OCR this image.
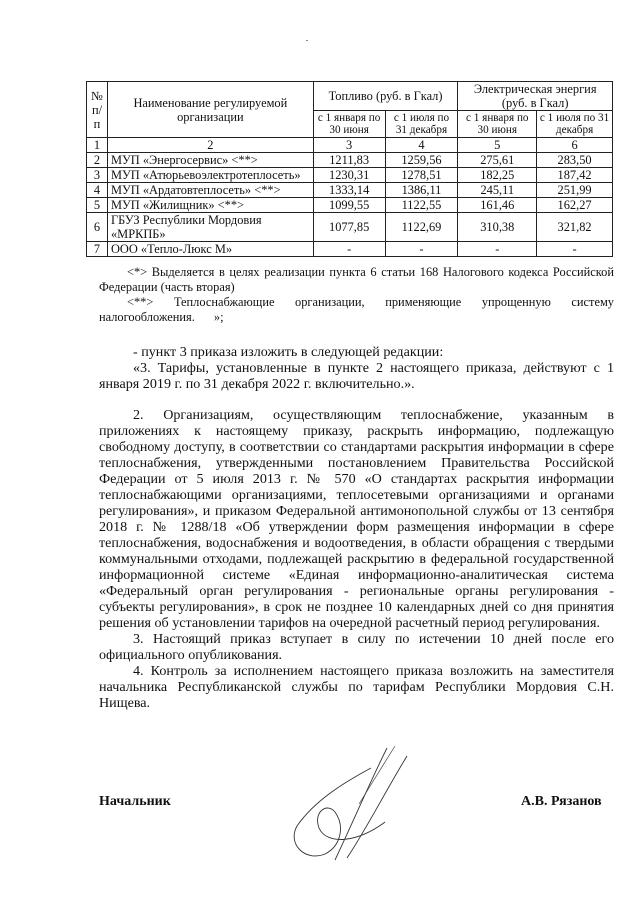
№ п/п	Наименование регулируемой организации	Топливо (руб. в Гкал)		Электрическая энергия (руб. в Гкал)	
		с 1 января по 30 июня	с 1 июля по 31 декабря	с 1 января по 30 июня	с 1 июля по 31 декабря
1	2	3	4	5	6
2	МУП «Энергосервис» <**>	1211,83	1259,56	275,61	283,50
3	МУП «Атюрьевоэлектротеплосеть»	1230,31	1278,51	182,25	187,42
4	МУП «Ардатовтеплосеть» <**>	1333,14	1386,11	245,11	251,99
5	МУП «Жилищник» <**>	1099,55	1122,55	161,46	162,27
6	ГБУЗ Республики Мордовия «МРКПБ»	1077,85	1122,69	310,38	321,82
7	ООО «Тепло-Люкс М»	-	-	-	-

<*> Выделяется в целях реализации пункта 6 статьи 168 Налогового кодекса Российской Федерации (часть вторая)

<**> Теплоснабжающие организации, применяющие упрощенную систему налогообложения. »;

- пункт 3 приказа изложить в следующей редакции:

«3. Тарифы, установленные в пункте 2 настоящего приказа, действуют с 1 января 2019 г. по 31 декабря 2022 г. включительно.».

2. Организациям, осуществляющим теплоснабжение, указанным в приложениях к настоящему приказу, раскрыть информацию, подлежащую свободному доступу, в соответствии со стандартами раскрытия информации в сфере теплоснабжения, утвержденными постановлением Правительства Российской Федерации от 5 июля 2013 г. № 570 «О стандартах раскрытия информации теплоснабжающими организациями, теплосетевыми организациями и органами регулирования», и приказом Федеральной антимонопольной службы от 13 сентября 2018 г. № 1288/18 «Об утверждении форм размещения информации в сфере теплоснабжения, водоснабжения и водоотведения, в области обращения с твердыми коммунальными отходами, подлежащей раскрытию в федеральной государственной информационной системе «Единая информационно-аналитическая система «Федеральный орган регулирования - региональные органы регулирования - субъекты регулирования», в срок не позднее 10 календарных дней со дня принятия решения об установлении тарифов на очередной расчетный период регулирования.

3. Настоящий приказ вступает в силу по истечении 10 дней после его официального опубликования.

4. Контроль за исполнением настоящего приказа возложить на заместителя начальника Республиканской службы по тарифам Республики Мордовия С.Н. Нищева.

Начальник	А.В. Рязанов
